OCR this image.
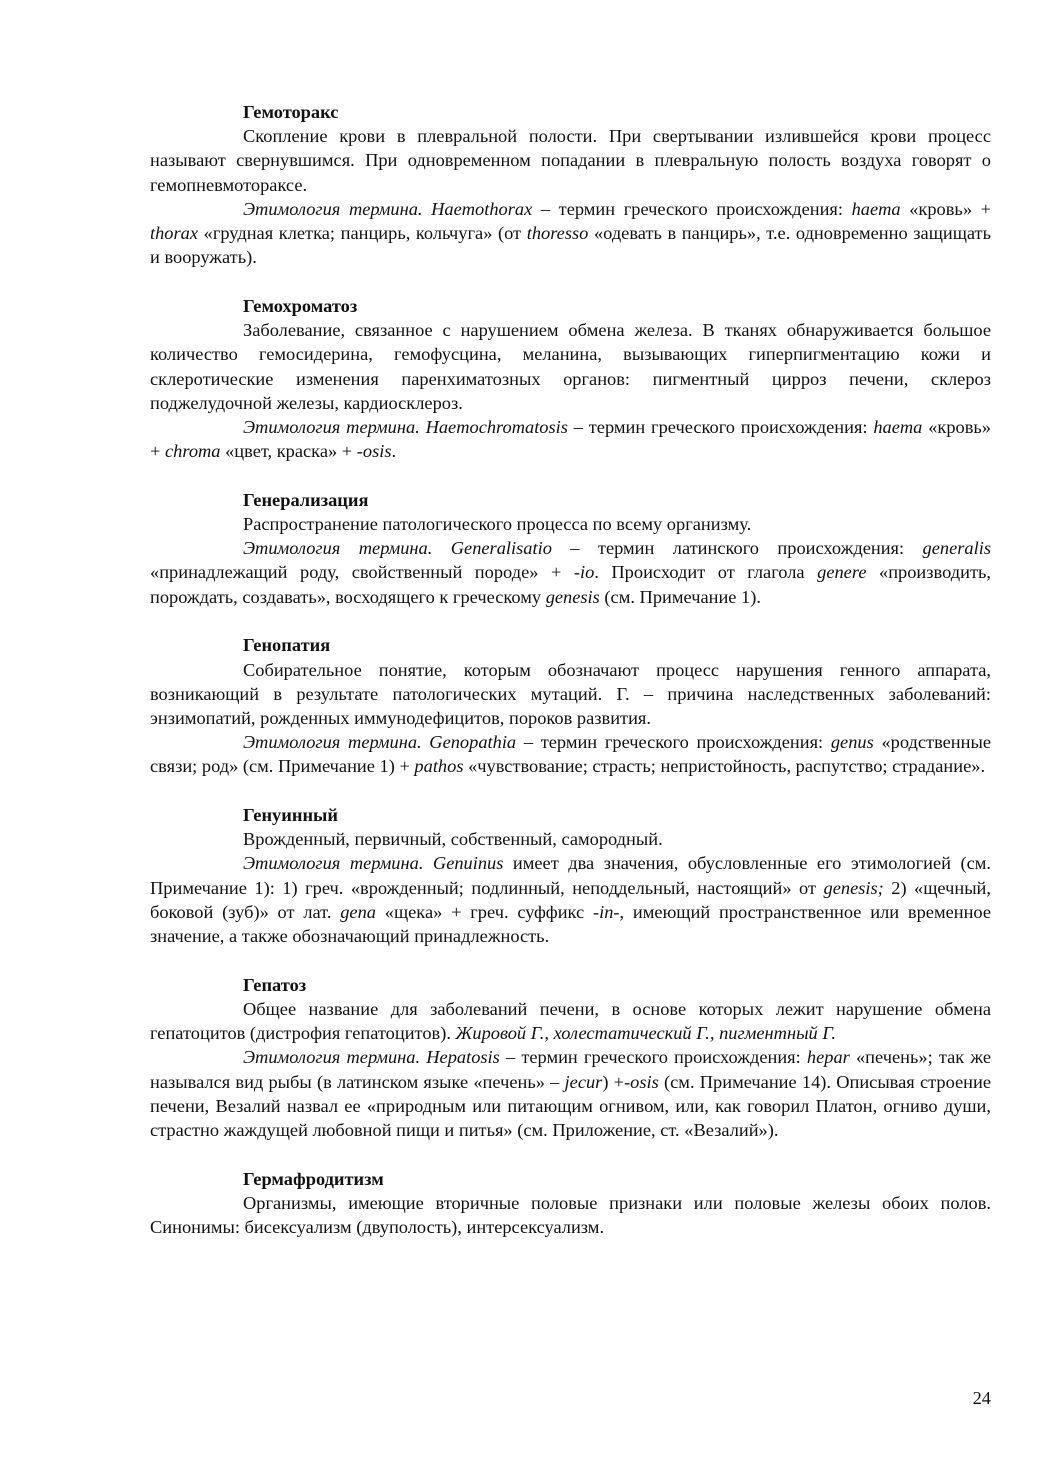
Гемоторакс

Скопление крови в плевральной полости. При свертывании излившейся крови процесс называют свернувшимся. При одновременном попадании в плевральную полость воздуха говорят о гемопневмотораксе.

Этимология термина. Haemothorax – термин греческого происхождения: haema «кровь» + thorax «грудная клетка; панцирь, кольчуга» (от thoresso «одевать в панцирь», т.е. одновременно защищать и вооружать).

Гемохроматоз

Заболевание, связанное с нарушением обмена железа. В тканях обнаруживается большое количество гемосидерина, гемофусцина, меланина, вызывающих гиперпигментацию кожи и склеротические изменения паренхиматозных органов: пигментный цирроз печени, склероз поджелудочной железы, кардиосклероз.

Этимология термина. Haemochromatosis – термин греческого происхождения: haema «кровь» + chroma «цвет, краска» + -osis.

Генерализация

Распространение патологического процесса по всему организму.

Этимология термина. Generalisatio – термин латинского происхождения: generalis «принадлежащий роду, свойственный породе» + -io. Происходит от глагола genere «производить, порождать, создавать», восходящего к греческому genesis (см. Примечание 1).

Генопатия

Собирательное понятие, которым обозначают процесс нарушения генного аппарата, возникающий в результате патологических мутаций. Г. – причина наследственных заболеваний: энзимопатий, рожденных иммунодефицитов, пороков развития.

Этимология термина. Genopathia – термин греческого происхождения: genus «родственные связи; род» (см. Примечание 1) + pathos «чувствование; страсть; непристойность, распутство; страдание».

Генуинный

Врожденный, первичный, собственный, самородный.

Этимология термина. Genuinus имеет два значения, обусловленные его этимологией (см. Примечание 1): 1) греч. «врожденный; подлинный, неподдельный, настоящий» от genesis; 2) «щечный, боковой (зуб)» от лат. gena «щека» + греч. суффикс -in-, имеющий пространственное или временное значение, а также обозначающий принадлежность.

Гепатоз

Общее название для заболеваний печени, в основе которых лежит нарушение обмена гепатоцитов (дистрофия гепатоцитов). Жировой Г., холестатический Г., пигментный Г.

Этимология термина. Hepatosis – термин греческого происхождения: hepar «печень»; так же назывался вид рыбы (в латинском языке «печень» – jecur) +-osis (см. Примечание 14). Описывая строение печени, Везалий назвал ее «природным или питающим огнивом, или, как говорил Платон, огниво души, страстно жаждущей любовной пищи и питья» (см. Приложение, ст. «Везалий»).

Гермафродитизм

Организмы, имеющие вторичные половые признаки или половые железы обоих полов. Синонимы: бисексуализм (двуполость), интерсексуализм.

24
